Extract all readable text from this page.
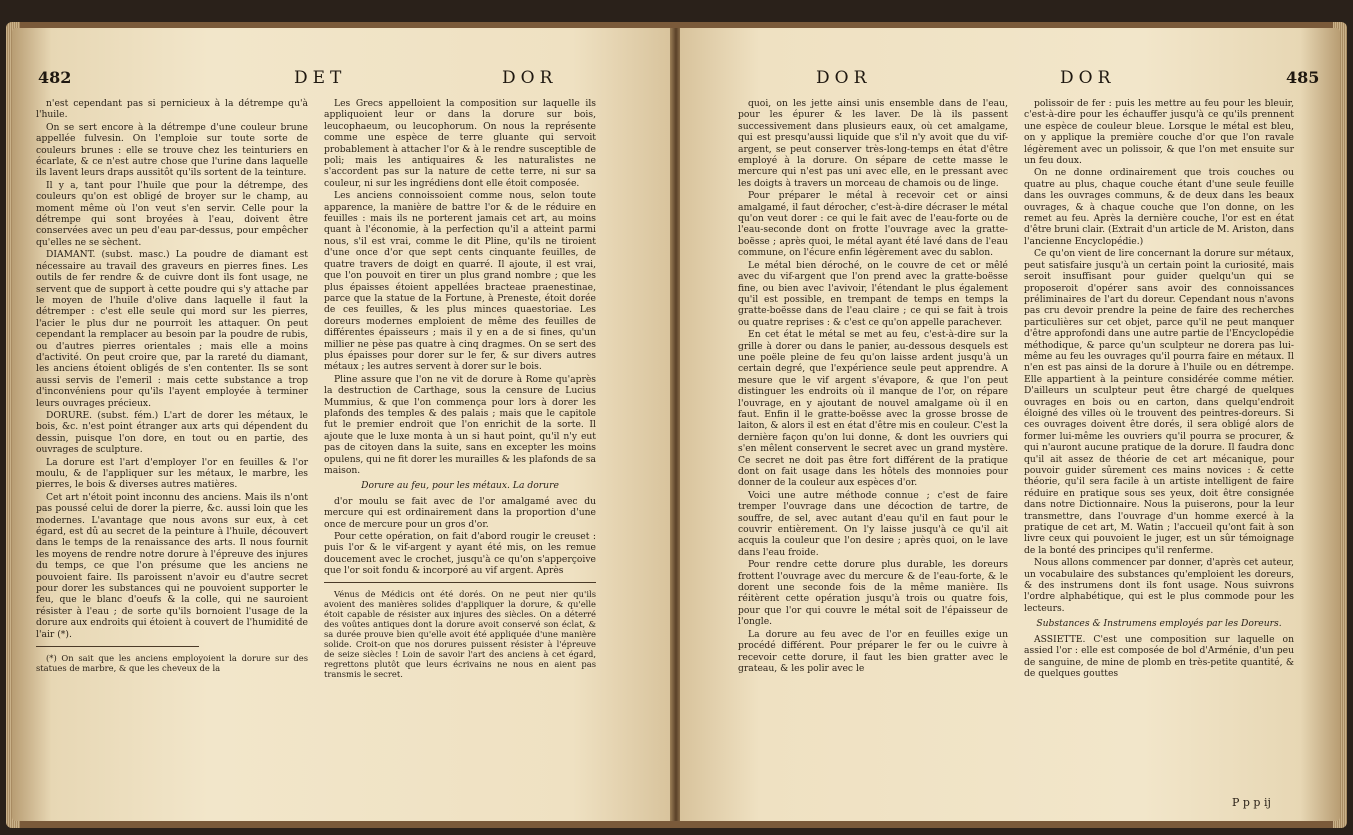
482	DET	DOR

n'est cependant pas si pernicieux à la détrempe qu'à l'huile.

On se sert encore à la détrempe d'une couleur brune appellée fulvesin. On l'emploie sur toute sorte de couleurs brunes : elle se trouve chez les teinturiers en écarlate, & ce n'est autre chose que l'urine dans laquelle ils lavent leurs draps aussitôt qu'ils sortent de la teinture.

Il y a, tant pour l'huile que pour la détrempe, des couleurs qu'on est obligé de broyer sur le champ, au moment même où l'on veut s'en servir. Celle pour la détrempe qui sont broyées à l'eau, doivent être conservées avec un peu d'eau par-dessus, pour empêcher qu'elles ne se sèchent.

DIAMANT. (subst. masc.) La poudre de diamant est nécessaire au travail des graveurs en pierres fines. Les outils de fer rendre & de cuivre dont ils font usage, ne servent que de support à cette poudre qui s'y attache par le moyen de l'huile d'olive dans laquelle il faut la détremper : c'est elle seule qui mord sur les pierres, l'acier le plus dur ne pourroit les attaquer. On peut cependant la remplacer au besoin par la poudre de rubis, ou d'autres pierres orientales ; mais elle a moins d'activité. On peut croire que, par la rareté du diamant, les anciens étoient obligés de s'en contenter. Ils se sont aussi servis de l'emeril : mais cette substance a trop d'inconvéniens pour qu'ils l'ayent employée à terminer leurs ouvrages précieux.

DORURE. (subst. fém.) L'art de dorer les métaux, le bois, &c. n'est point étranger aux arts qui dépendent du dessin, puisque l'on dore, en tout ou en partie, des ouvrages de sculpture.

La dorure est l'art d'employer l'or en feuilles & l'or moulu, & de l'appliquer sur les métaux, le marbre, les pierres, le bois & diverses autres matières.

Cet art n'étoit point inconnu des anciens. Mais ils n'ont pas poussé celui de dorer la pierre, &c. aussi loin que les modernes. L'avantage que nous avons sur eux, à cet égard, est dû au secret de la peinture à l'huile, découvert dans le temps de la renaissance des arts. Il nous fournit les moyens de rendre notre dorure à l'épreuve des injures du temps, ce que l'on présume que les anciens ne pouvoient faire. Ils paroissent n'avoir eu d'autre secret pour dorer les substances qui ne pouvoient supporter le feu, que le blanc d'oeufs & la colle, qui ne sauroient résister à l'eau ; de sorte qu'ils bornoient l'usage de la dorure aux endroits qui étoient à couvert de l'humidité de l'air (*).

(*) On sait que les anciens employoient la dorure sur des statues de marbre, & que les cheveux de la

Les Grecs appelloient la composition sur laquelle ils appliquoient leur or dans la dorure sur bois, leucophaeum, ou leucophorum. On nous la représente comme une espèce de terre gluante qui servoit probablement à attacher l'or & à le rendre susceptible de poli; mais les antiquaires & les naturalistes ne s'accordent pas sur la nature de cette terre, ni sur sa couleur, ni sur les ingrédiens dont elle étoit composée.

Les anciens connoissoient comme nous, selon toute apparence, la manière de battre l'or & de le réduire en feuilles : mais ils ne porterent jamais cet art, au moins quant à l'économie, à la perfection qu'il a atteint parmi nous, s'il est vrai, comme le dit Pline, qu'ils ne tiroient d'une once d'or que sept cents cinquante feuilles, de quatre travers de doigt en quarré. Il ajoute, il est vrai, que l'on pouvoit en tirer un plus grand nombre ; que les plus épaisses étoient appellées bracteae praenestinae, parce que la statue de la Fortune, à Preneste, étoit dorée de ces feuilles, & les plus minces quaestoriae. Les doreurs modernes emploient de même des feuilles de différentes épaisseurs ; mais il y en a de si fines, qu'un millier ne pèse pas quatre à cinq dragmes. On se sert des plus épaisses pour dorer sur le fer, & sur divers autres métaux ; les autres servent à dorer sur le bois.

Pline assure que l'on ne vit de dorure à Rome qu'après la destruction de Carthage, sous la censure de Lucius Mummius, & que l'on commença pour lors à dorer les plafonds des temples & des palais ; mais que le capitole fut le premier endroit que l'on enrichit de la sorte. Il ajoute que le luxe monta à un si haut point, qu'il n'y eut pas de citoyen dans la suite, sans en excepter les moins opulens, qui ne fit dorer les murailles & les plafonds de sa maison.

Dorure au feu, pour les métaux. La dorure

d'or moulu se fait avec de l'or amalgamé avec du mercure qui est ordinairement dans la proportion d'une once de mercure pour un gros d'or.

Pour cette opération, on fait d'abord rougir le creuset : puis l'or & le vif-argent y ayant été mis, on les remue doucement avec le crochet, jusqu'à ce qu'on s'apperçoive que l'or soit fondu & incorporé au vif argent. Après

Vénus de Médicis ont été dorés. On ne peut nier qu'ils avoient des manières solides d'appliquer la dorure, & qu'elle étoit capable de résister aux injures des siècles. On a déterré des voûtes antiques dont la dorure avoit conservé son éclat, & sa durée prouve bien qu'elle avoit été appliquée d'une manière solide. Croit-on que nos dorures puissent résister à l'épreuve de seize siècles ! Loin de savoir l'art des anciens à cet égard, regrettons plutôt que leurs écrivains ne nous en aient pas transmis le secret.

DOR	DOR	485

quoi, on les jette ainsi unis ensemble dans de l'eau, pour les épurer & les laver. De là ils passent successivement dans plusieurs eaux, où cet amalgame, qui est presqu'aussi liquide que s'il n'y avoit que du vif-argent, se peut conserver très-long-temps en état d'être employé à la dorure. On sépare de cette masse le mercure qui n'est pas uni avec elle, en le pressant avec les doigts à travers un morceau de chamois ou de linge.

Pour préparer le métal à recevoir cet or ainsi amalgamé, il faut dérocher, c'est-à-dire décraser le métal qu'on veut dorer : ce qui le fait avec de l'eau-forte ou de l'eau-seconde dont on frotte l'ouvrage avec la gratte-boësse ; après quoi, le métal ayant été lavé dans de l'eau commune, on l'écure enfin légèrement avec du sablon.

Le métal bien déroché, on le couvre de cet or mêlé avec du vif-argent que l'on prend avec la gratte-boësse fine, ou bien avec l'avivoir, l'étendant le plus également qu'il est possible, en trempant de temps en temps la gratte-boësse dans de l'eau claire ; ce qui se fait à trois ou quatre reprises : & c'est ce qu'on appelle parachever.

En cet état le métal se met au feu, c'est-à-dire sur la grille à dorer ou dans le panier, au-dessous desquels est une poële pleine de feu qu'on laisse ardent jusqu'à un certain degré, que l'expérience seule peut apprendre. A mesure que le vif argent s'évapore, & que l'on peut distinguer les endroits où il manque de l'or, on répare l'ouvrage, en y ajoutant de nouvel amalgame où il en faut. Enfin il le gratte-boësse avec la grosse brosse de laiton, & alors il est en état d'être mis en couleur. C'est la dernière façon qu'on lui donne, & dont les ouvriers qui s'en mêlent conservent le secret avec un grand mystère. Ce secret ne doit pas être fort différent de la pratique dont on fait usage dans les hôtels des monnoies pour donner de la couleur aux espèces d'or.

Voici une autre méthode connue ; c'est de faire tremper l'ouvrage dans une décoction de tartre, de souffre, de sel, avec autant d'eau qu'il en faut pour le couvrir entièrement. On l'y laisse jusqu'à ce qu'il ait acquis la couleur que l'on desire ; après quoi, on le lave dans l'eau froide.

Pour rendre cette dorure plus durable, les doreurs frottent l'ouvrage avec du mercure & de l'eau-forte, & le dorent une seconde fois de la même manière. Ils réitèrent cette opération jusqu'à trois ou quatre fois, pour que l'or qui couvre le métal soit de l'épaisseur de l'ongle.

La dorure au feu avec de l'or en feuilles exige un procédé différent. Pour préparer le fer ou le cuivre à recevoir cette dorure, il faut les bien gratter avec le grateau, & les polir avec le

polissoir de fer : puis les mettre au feu pour les bleuir, c'est-à-dire pour les échauffer jusqu'à ce qu'ils prennent une espèce de couleur bleue. Lorsque le métal est bleu, on y applique la première couche d'or que l'on ravale légèrement avec un polissoir, & que l'on met ensuite sur un feu doux.

On ne donne ordinairement que trois couches ou quatre au plus, chaque couche étant d'une seule feuille dans les ouvrages communs, & de deux dans les beaux ouvrages, & à chaque couche que l'on donne, on les remet au feu. Après la dernière couche, l'or est en état d'être bruni clair. (Extrait d'un article de M. Ariston, dans l'ancienne Encyclopédie.)

Ce qu'on vient de lire concernant la dorure sur métaux, peut satisfaire jusqu'à un certain point la curiosité, mais seroit insuffisant pour guider quelqu'un qui se proposeroit d'opérer sans avoir des connoissances préliminaires de l'art du doreur. Cependant nous n'avons pas cru devoir prendre la peine de faire des recherches particulières sur cet objet, parce qu'il ne peut manquer d'être approfondi dans une autre partie de l'Encyclopédie méthodique, & parce qu'un sculpteur ne dorera pas lui-même au feu les ouvrages qu'il pourra faire en métaux. Il n'en est pas ainsi de la dorure à l'huile ou en détrempe. Elle appartient à la peinture considérée comme métier. D'ailleurs un sculpteur peut être chargé de quelques ouvrages en bois ou en carton, dans quelqu'endroit éloigné des villes où le trouvent des peintres-doreurs. Si ces ouvrages doivent être dorés, il sera obligé alors de former lui-même les ouvriers qu'il pourra se procurer, & qui n'auront aucune pratique de la dorure. Il faudra donc qu'il ait assez de théorie de cet art mécanique, pour pouvoir guider sûrement ces mains novices : & cette théorie, qu'il sera facile à un artiste intelligent de faire réduire en pratique sous ses yeux, doit être consignée dans notre Dictionnaire. Nous la puiserons, pour la leur transmettre, dans l'ouvrage d'un homme exercé à la pratique de cet art, M. Watin ; l'accueil qu'ont fait à son livre ceux qui pouvoient le juger, est un sûr témoignage de la bonté des principes qu'il renferme.

Nous allons commencer par donner, d'après cet auteur, un vocabulaire des substances qu'emploient les doreurs, & des instrumens dont ils font usage. Nous suivrons l'ordre alphabétique, qui est le plus commode pour les lecteurs.

Substances & Instrumens employés par les Doreurs.

ASSIETTE. C'est une composition sur laquelle on assied l'or : elle est composée de bol d'Arménie, d'un peu de sanguine, de mine de plomb en très-petite quantité, & de quelques gouttes

P p p ij
